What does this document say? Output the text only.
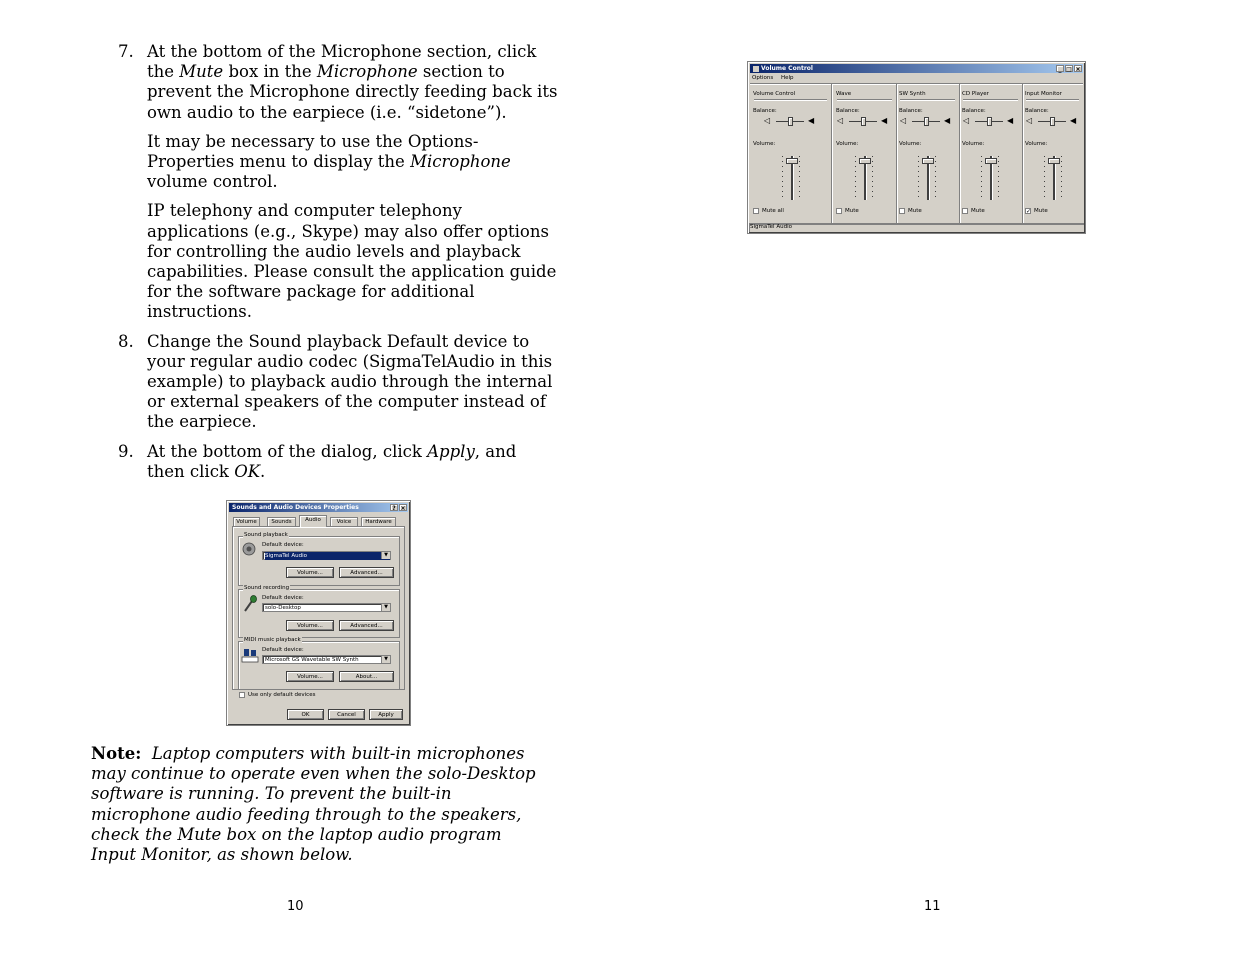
7. At the bottom of the Microphone section, click the Mute box in the Microphone section to prevent the Microphone directly feeding back its own audio to the earpiece (i.e. “sidetone”).

It may be necessary to use the Options-Properties menu to display the Microphone volume control.

IP telephony and computer telephony applications (e.g., Skype) may also offer options for controlling the audio levels and playback capabilities. Please consult the application guide for the software package for additional instructions.

8. Change the Sound playback Default device to your regular audio codec (SigmaTelAudio in this example) to playback audio through the internal or external speakers of the computer instead of the earpiece.

9. At the bottom of the dialog, click Apply, and then click OK.

Sounds and Audio Devices Properties	? ×
Volume	Sounds	Audio	Voice	Hardware
Sound playback
Default device:
SigmaTel Audio	▼
Volume...	Advanced...
Sound recording
Default device:
solo-Desktop	▼
Volume...	Advanced...
MIDI music playback
Default device:
Microsoft GS Wavetable SW Synth	▼
Volume...	About...
Use only default devices
OK	Cancel	Apply
Note: Laptop computers with built-in microphones may continue to operate even when the solo-Desktop software is running. To prevent the built-in microphone audio feeding through to the speakers, check the Mute box on the laptop audio program Input Monitor, as shown below.
10
Volume Control	_ □ ×
Options Help
Volume Control
Balance:
◁	◀
Volume:
Mute all
Wave
Balance:
◁	◀
Volume:
Mute
SW Synth
Balance:
◁	◀
Volume:
Mute
CD Player
Balance:
◁	◀
Volume:
Mute
Input Monitor
Balance:
◁	◀
Volume:
✓ Mute
SigmaTel Audio
11
